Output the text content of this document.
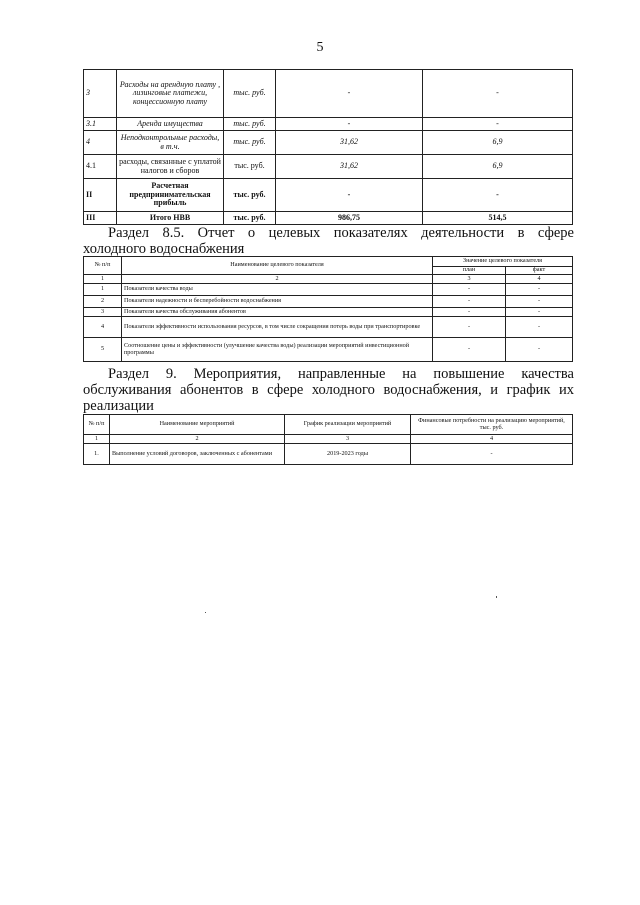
5
3	Расходы на арендную плату , лизинговые платежи, концессионную плату	тыс. руб.	-	-
3.1	Аренда имущества	тыс. руб.	-	-
4	Неподконтрольные расходы, в т.ч.	тыс. руб.	31,62	6,9
4.1	расходы, связанные с уплатой налогов и сборов	тыс. руб.	31,62	6,9
II	Расчетная предпринимательская прибыль	тыс. руб.	-	-
III	Итого НВВ	тыс. руб.	986,75	514,5
Раздел 8.5. Отчет о целевых показателях деятельности в сфере
холодного водоснабжения
№ п/п	Наименование целевого показателя	Значение целевого показателя	
		план	факт
1	2	3	4
1	Показатели качества воды	-	-
2	Показатели надежности и бесперебойности водоснабжения	-	-
3	Показатели качества обслуживания абонентов	-	-
4	Показатели эффективности использования ресурсов, в том числе сокращения потерь воды при транспортировке	-	-
5	Соотношение цены и эффективности (улучшение качества воды) реализации мероприятий инвестиционной программы	-	-
Раздел 9. Мероприятия, направленные на повышение качества
обслуживания абонентов в сфере холодного водоснабжения, и график их
реализации
№ п/п	Наименование мероприятий	График реализации мероприятий	Финансовые потребности на реализацию мероприятий, тыс. руб.
1	2	3	4
1.	Выполнение условий договоров, заключенных с абонентами	2019-2023 годы	-
